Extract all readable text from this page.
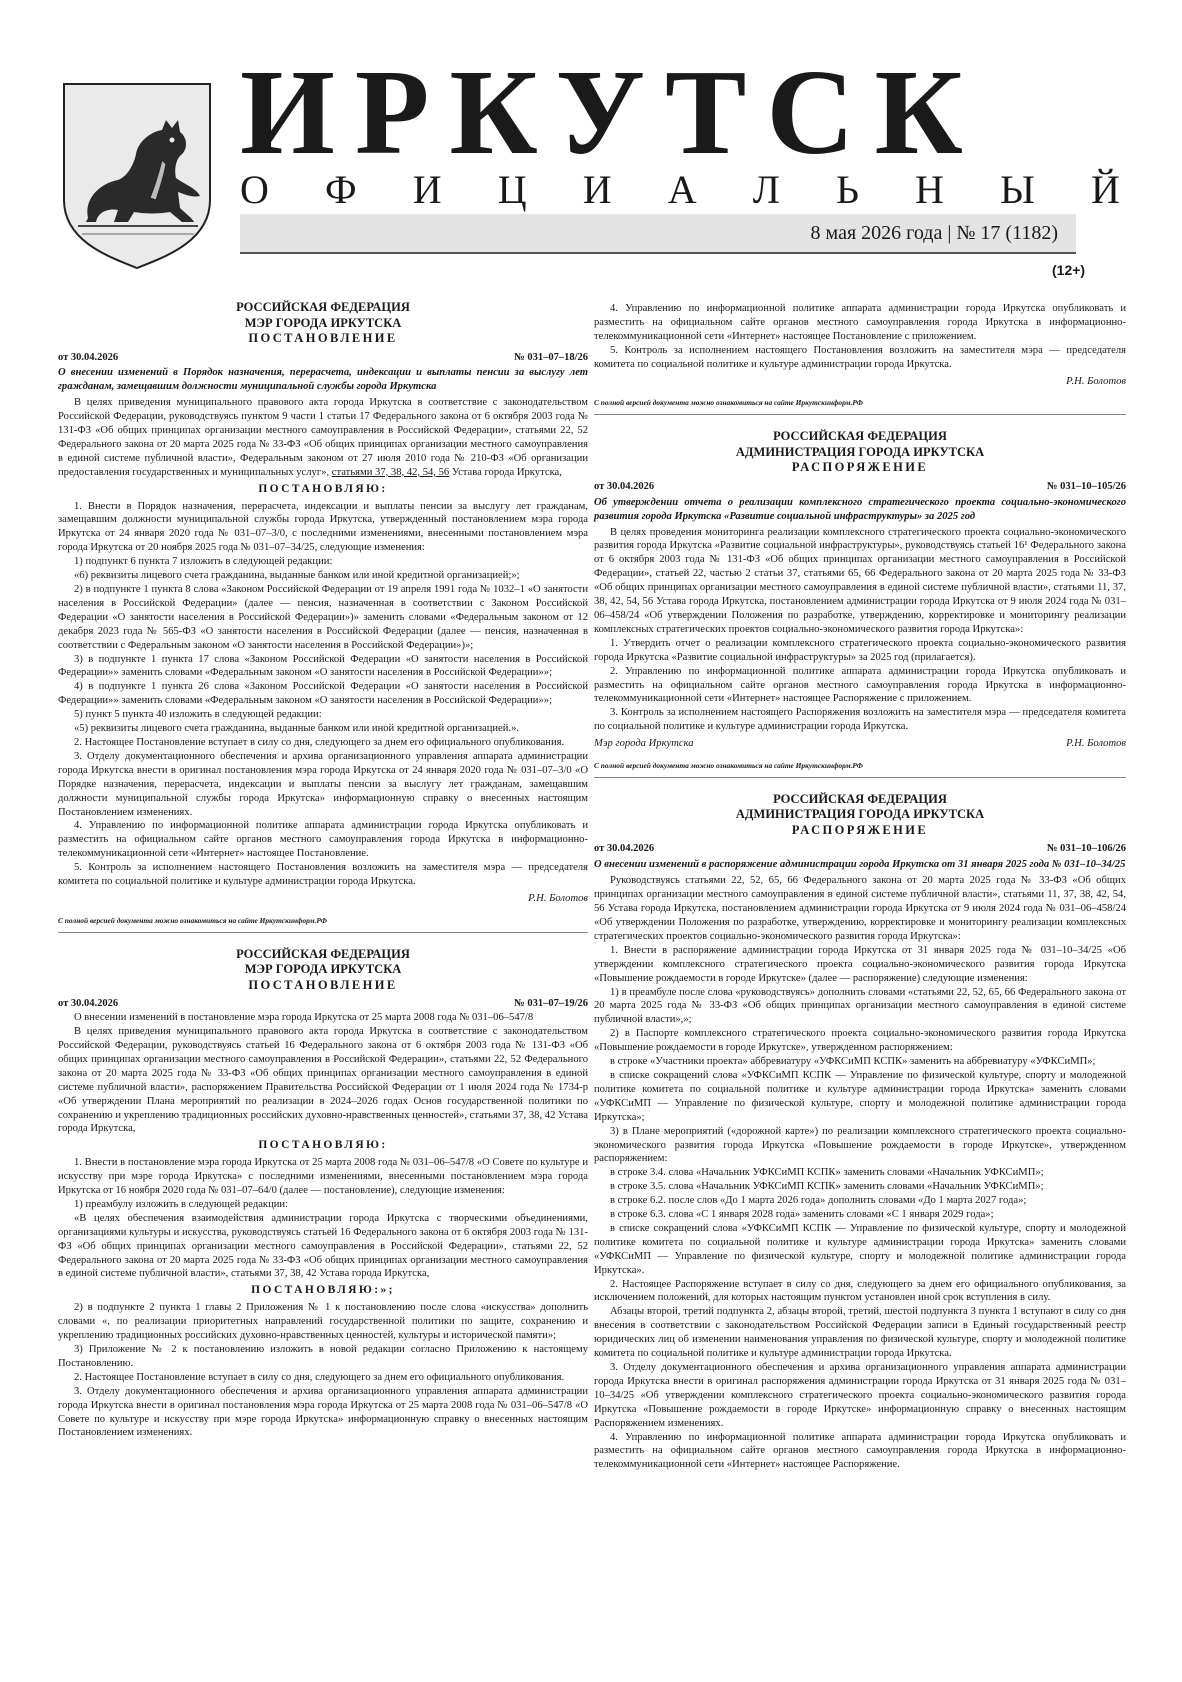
ИРКУТСК
О Ф И Ц И А Л Ь Н Ы Й
8 мая 2026 года | № 17 (1182)
(12+)
РОССИЙСКАЯ ФЕДЕРАЦИЯ
МЭР ГОРОДА ИРКУТСКА
ПОСТАНОВЛЕНИЕ
от 30.04.2026	№ 031–07–18/26
О внесении изменений в Порядок назначения, перерасчета, индексации и выплаты пенсии за выслугу лет гражданам, замещавшим должности муниципальной службы города Иркутска
В целях приведения муниципального правового акта города Иркутска в соответствие с законодательством Российской Федерации, руководствуясь пунктом 9 части 1 статьи 17 Федерального закона от 6 октября 2003 года № 131-ФЗ «Об общих принципах организации местного самоуправления в Российской Федерации», статьями 22, 52 Федерального закона от 20 марта 2025 года № 33-ФЗ «Об общих принципах организации местного самоуправления в единой системе публичной власти», Федеральным законом от 27 июля 2010 года № 210-ФЗ «Об организации предоставления государственных и муниципальных услуг», статьями 37, 38, 42, 54, 56 Устава города Иркутска,
ПОСТАНОВЛЯЮ:
1. Внести в Порядок назначения, перерасчета, индексации и выплаты пенсии за выслугу лет гражданам, замещавшим должности муниципальной службы города Иркутска, утвержденный постановлением мэра города Иркутска от 24 января 2020 года № 031–07–3/0, с последними изменениями, внесенными постановлением мэра города Иркутска от 20 ноября 2025 года № 031–07–34/25, следующие изменения:
1) подпункт 6 пункта 7 изложить в следующей редакции:
«6) реквизиты лицевого счета гражданина, выданные банком или иной кредитной организацией;»;
2) в подпункте 1 пункта 8 слова «Законом Российской Федерации от 19 апреля 1991 года № 1032–1 «О занятости населения в Российской Федерации» (далее — пенсия, назначенная в соответствии с Законом Российской Федерации «О занятости населения в Российской Федерации»)» заменить словами «Федеральным законом от 12 декабря 2023 года № 565-ФЗ «О занятости населения в Российской Федерации (далее — пенсия, назначенная в соответствии с Федеральным законом «О занятости населения в Российской Федерации»)»;
3) в подпункте 1 пункта 17 слова «Законом Российской Федерации «О занятости населения в Российской Федерации»» заменить словами «Федеральным законом «О занятости населения в Российской Федерации»»;
4) в подпункте 1 пункта 26 слова «Законом Российской Федерации «О занятости населения в Российской Федерации»» заменить словами «Федеральным законом «О занятости населения в Российской Федерации»»;
5) пункт 5 пункта 40 изложить в следующей редакции:
«5) реквизиты лицевого счета гражданина, выданные банком или иной кредитной организацией.».
2. Настоящее Постановление вступает в силу со дня, следующего за днем его официального опубликования.
3. Отделу документационного обеспечения и архива организационного управления аппарата администрации города Иркутска внести в оригинал постановления мэра города Иркутска от 24 января 2020 года № 031–07–3/0 «О Порядке назначения, перерасчета, индексации и выплаты пенсии за выслугу лет гражданам, замещавшим должности муниципальной службы города Иркутска» информационную справку о внесенных настоящим Постановлением изменениях.
4. Управлению по информационной политике аппарата администрации города Иркутска опубликовать и разместить на официальном сайте органов местного самоуправления города Иркутска в информационно-телекоммуникационной сети «Интернет» настоящее Постановление.
5. Контроль за исполнением настоящего Постановления возложить на заместителя мэра — председателя комитета по социальной политике и культуре администрации города Иркутска.
Р.Н. Болотов
С полной версией документа можно ознакомиться на сайте Иркутскинформ.РФ
РОССИЙСКАЯ ФЕДЕРАЦИЯ
МЭР ГОРОДА ИРКУТСКА
ПОСТАНОВЛЕНИЕ
от 30.04.2026	№ 031–07–19/26
О внесении изменений в постановление мэра города Иркутска от 25 марта 2008 года № 031–06–547/8
В целях приведения муниципального правового акта города Иркутска в соответствие с законодательством Российской Федерации, руководствуясь статьей 16 Федерального закона от 6 октября 2003 года № 131-ФЗ «Об общих принципах организации местного самоуправления в Российской Федерации», статьями 22, 52 Федерального закона от 20 марта 2025 года № 33-ФЗ «Об общих принципах организации местного самоуправления в единой системе публичной власти», распоряжением Правительства Российской Федерации от 1 июля 2024 года № 1734-р «Об утверждении Плана мероприятий по реализации в 2024–2026 годах Основ государственной политики по сохранению и укреплению традиционных российских духовно-нравственных ценностей», статьями 37, 38, 42 Устава города Иркутска,
ПОСТАНОВЛЯЮ:
1. Внести в постановление мэра города Иркутска от 25 марта 2008 года № 031–06–547/8 «О Совете по культуре и искусству при мэре города Иркутска» с последними изменениями, внесенными постановлением мэра города Иркутска от 16 ноября 2020 года № 031–07–64/0 (далее — постановление), следующие изменения:
1) преамбулу изложить в следующей редакции:
«В целях обеспечения взаимодействия администрации города Иркутска с творческими объединениями, организациями культуры и искусства, руководствуясь статьей 16 Федерального закона от 6 октября 2003 года № 131-ФЗ «Об общих принципах организации местного самоуправления в Российской Федерации», статьями 22, 52 Федерального закона от 20 марта 2025 года № 33-ФЗ «Об общих принципах организации местного самоуправления в единой системе публичной власти», статьями 37, 38, 42 Устава города Иркутска,
ПОСТАНОВЛЯЮ:»;
2) в подпункте 2 пункта 1 главы 2 Приложения № 1 к постановлению после слова «искусства» дополнить словами «, по реализации приоритетных направлений государственной политики по защите, сохранению и укреплению традиционных российских духовно-нравственных ценностей, культуры и исторической памяти»;
3) Приложение № 2 к постановлению изложить в новой редакции согласно Приложению к настоящему Постановлению.
2. Настоящее Постановление вступает в силу со дня, следующего за днем его официального опубликования.
3. Отделу документационного обеспечения и архива организационного управления аппарата администрации города Иркутска внести в оригинал постановления мэра города Иркутска от 25 марта 2008 года № 031–06–547/8 «О Совете по культуре и искусству при мэре города Иркутска» информационную справку о внесенных настоящим Постановлением изменениях.
4. Управлению по информационной политике аппарата администрации города Иркутска опубликовать и разместить на официальном сайте органов местного самоуправления города Иркутска в информационно-телекоммуникационной сети «Интернет» настоящее Постановление с приложением.
5. Контроль за исполнением настоящего Постановления возложить на заместителя мэра — председателя комитета по социальной политике и культуре администрации города Иркутска.
Р.Н. Болотов
С полной версией документа можно ознакомиться на сайте Иркутскинформ.РФ
РОССИЙСКАЯ ФЕДЕРАЦИЯ
АДМИНИСТРАЦИЯ ГОРОДА ИРКУТСКА
РАСПОРЯЖЕНИЕ
от 30.04.2026	№ 031–10–105/26
Об утверждении отчета о реализации комплексного стратегического проекта социально-экономического развития города Иркутска «Развитие социальной инфраструктуры» за 2025 год
В целях проведения мониторинга реализации комплексного стратегического проекта социально-экономического развития города Иркутска «Развитие социальной инфраструктуры», руководствуясь статьей 16¹ Федерального закона от 6 октября 2003 года № 131-ФЗ «Об общих принципах организации местного самоуправления в Российской Федерации», статьей 22, частью 2 статьи 37, статьями 65, 66 Федерального закона от 20 марта 2025 года № 33-ФЗ «Об общих принципах организации местного самоуправления в единой системе публичной власти», статьями 11, 37, 38, 42, 54, 56 Устава города Иркутска, постановлением администрации города Иркутска от 9 июля 2024 года № 031–06–458/24 «Об утверждении Положения по разработке, утверждению, корректировке и мониторингу реализации комплексных стратегических проектов социально-экономического развития города Иркутска»:
1. Утвердить отчет о реализации комплексного стратегического проекта социально-экономического развития города Иркутска «Развитие социальной инфраструктуры» за 2025 год (прилагается).
2. Управлению по информационной политике аппарата администрации города Иркутска опубликовать и разместить на официальном сайте органов местного самоуправления города Иркутска в информационно-телекоммуникационной сети «Интернет» настоящее Распоряжение с приложением.
3. Контроль за исполнением настоящего Распоряжения возложить на заместителя мэра — председателя комитета по социальной политике и культуре администрации города Иркутска.
Мэр города Иркутска	Р.Н. Болотов
С полной версией документа можно ознакомиться на сайте Иркутскинформ.РФ
РОССИЙСКАЯ ФЕДЕРАЦИЯ
АДМИНИСТРАЦИЯ ГОРОДА ИРКУТСКА
РАСПОРЯЖЕНИЕ
от 30.04.2026	№ 031–10–106/26
О внесении изменений в распоряжение администрации города Иркутска от 31 января 2025 года № 031–10–34/25
Руководствуясь статьями 22, 52, 65, 66 Федерального закона от 20 марта 2025 года № 33-ФЗ «Об общих принципах организации местного самоуправления в единой системе публичной власти», статьями 11, 37, 38, 42, 54, 56 Устава города Иркутска, постановлением администрации города Иркутска от 9 июля 2024 года № 031–06–458/24 «Об утверждении Положения по разработке, утверждению, корректировке и мониторингу реализации комплексных стратегических проектов социально-экономического развития города Иркутска»:
1. Внести в распоряжение администрации города Иркутска от 31 января 2025 года № 031–10–34/25 «Об утверждении комплексного стратегического проекта социально-экономического развития города Иркутска «Повышение рождаемости в городе Иркутске» (далее — распоряжение) следующие изменения:
1) в преамбуле после слова «руководствуясь» дополнить словами «статьями 22, 52, 65, 66 Федерального закона от 20 марта 2025 года № 33-ФЗ «Об общих принципах организации местного самоуправления в единой системе публичной власти»,»;
2) в Паспорте комплексного стратегического проекта социально-экономического развития города Иркутска «Повышение рождаемости в городе Иркутске», утвержденном распоряжением:
в строке «Участники проекта» аббревиатуру «УФКСиМП КСПК» заменить на аббревиатуру «УФКСиМП»;
в списке сокращений слова «УФКСиМП КСПК — Управление по физической культуре, спорту и молодежной политике комитета по социальной политике и культуре администрации города Иркутска» заменить словами «УФКСиМП — Управление по физической культуре, спорту и молодежной политике администрации города Иркутска»;
3) в Плане мероприятий («дорожной карте») по реализации комплексного стратегического проекта социально-экономического развития города Иркутска «Повышение рождаемости в городе Иркутске», утвержденном распоряжением:
в строке 3.4. слова «Начальник УФКСиМП КСПК» заменить словами «Начальник УФКСиМП»;
в строке 3.5. слова «Начальник УФКСиМП КСПК» заменить словами «Начальник УФКСиМП»;
в строке 6.2. после слов «До 1 марта 2026 года» дополнить словами «До 1 марта 2027 года»;
в строке 6.3. слова «С 1 января 2028 года» заменить словами «С 1 января 2029 года»;
в списке сокращений слова «УФКСиМП КСПК — Управление по физической культуре, спорту и молодежной политике комитета по социальной политике и культуре администрации города Иркутска» заменить словами «УФКСиМП — Управление по физической культуре, спорту и молодежной политике администрации города Иркутска».
2. Настоящее Распоряжение вступает в силу со дня, следующего за днем его официального опубликования, за исключением положений, для которых настоящим пунктом установлен иной срок вступления в силу.
Абзацы второй, третий подпункта 2, абзацы второй, третий, шестой подпункта 3 пункта 1 вступают в силу со дня внесения в соответствии с законодательством Российской Федерации записи в Единый государственный реестр юридических лиц об изменении наименования управления по физической культуре, спорту и молодежной политике комитета по социальной политике и культуре администрации города Иркутска.
3. Отделу документационного обеспечения и архива организационного управления аппарата администрации города Иркутска внести в оригинал распоряжения администрации города Иркутска от 31 января 2025 года № 031–10–34/25 «Об утверждении комплексного стратегического проекта социально-экономического развития города Иркутска «Повышение рождаемости в городе Иркутске» информационную справку о внесенных настоящим Распоряжением изменениях.
4. Управлению по информационной политике аппарата администрации города Иркутска опубликовать и разместить на официальном сайте органов местного самоуправления города Иркутска в информационно-телекоммуникационной сети «Интернет» настоящее Распоряжение.
